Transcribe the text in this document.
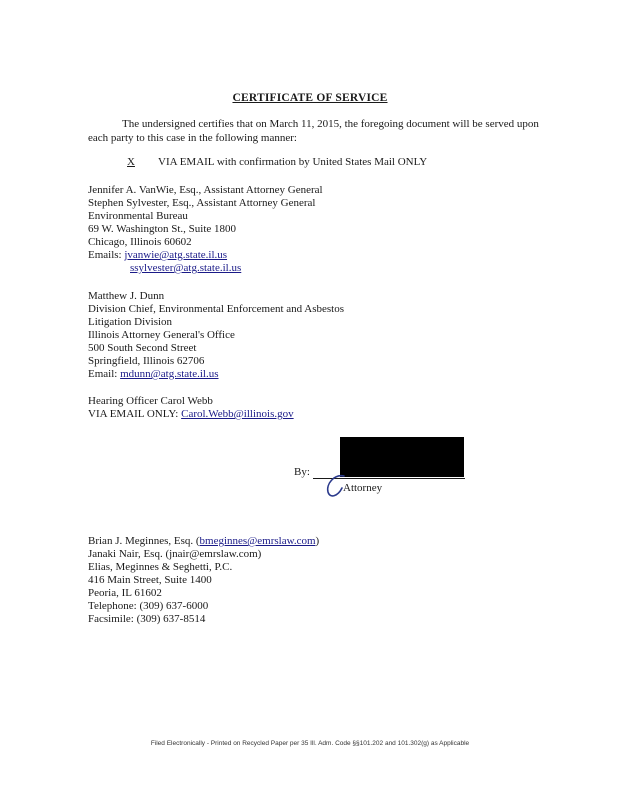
CERTIFICATE OF SERVICE
The undersigned certifies that on March 11, 2015, the foregoing document will be served upon each party to this case in the following manner:
X VIA EMAIL with confirmation by United States Mail ONLY
Jennifer A. VanWie, Esq., Assistant Attorney General
Stephen Sylvester, Esq., Assistant Attorney General
Environmental Bureau
69 W. Washington St., Suite 1800
Chicago, Illinois 60602
Emails: jvanwie@atg.state.il.us
ssylvester@atg.state.il.us
Matthew J. Dunn
Division Chief, Environmental Enforcement and Asbestos
Litigation Division
Illinois Attorney General's Office
500 South Second Street
Springfield, Illinois 62706
Email: mdunn@atg.state.il.us
Hearing Officer Carol Webb
VIA EMAIL ONLY: Carol.Webb@illinois.gov
By:
Attorney
Brian J. Meginnes, Esq. (bmeginnes@emrslaw.com)
Janaki Nair, Esq. (jnair@emrslaw.com)
Elias, Meginnes & Seghetti, P.C.
416 Main Street, Suite 1400
Peoria, IL 61602
Telephone: (309) 637-6000
Facsimile: (309) 637-8514
Filed Electronically - Printed on Recycled Paper per 35 Ill. Adm. Code §§101.202 and 101.302(g) as Applicable
